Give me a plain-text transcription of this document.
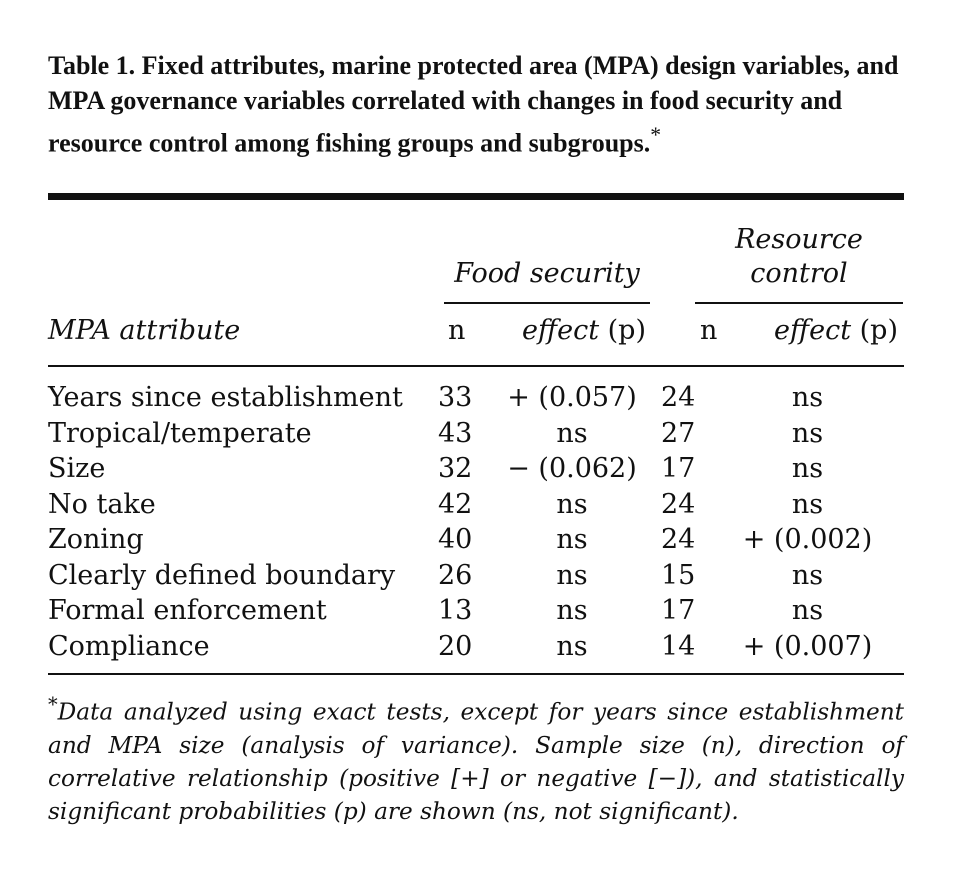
Table 1. Fixed attributes, marine protected area (MPA) design variables, and MPA governance variables correlated with changes in food security and resource control among fishing groups and subgroups.*
Resource
control
Food security
MPA attribute	n effect (p) n effect (p)
Years since establishment	33	+ (0.057)	24	ns
Tropical/temperate	43	ns	27	ns
Size	32	− (0.062)	17	ns
No take	42	ns	24	ns
Zoning	40	ns	24	+ (0.002)
Clearly defined boundary	26	ns	15	ns
Formal enforcement	13	ns	17	ns
Compliance	20	ns	14	+ (0.007)
*Data analyzed using exact tests, except for years since establishment and MPA size (analysis of variance). Sample size (n), direction of correlative relationship (positive [+] or negative [−]), and statistically significant probabilities (p) are shown (ns, not significant).
